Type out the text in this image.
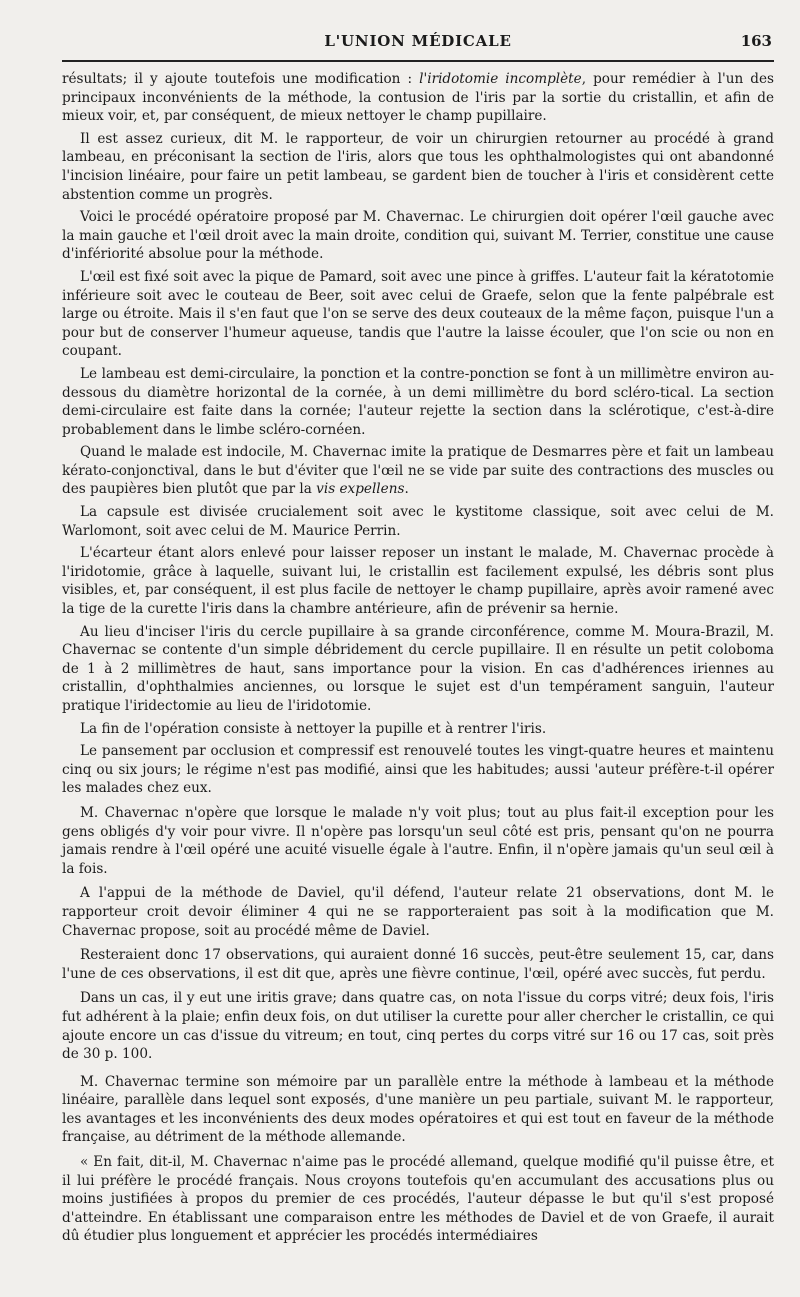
L'UNION MÉDICALE	163

résultats; il y ajoute toutefois une modification : l'iridotomie incomplète, pour remédier à l'un des principaux inconvénients de la méthode, la contusion de l'iris par la sortie du cristallin, et afin de mieux voir, et, par conséquent, de mieux nettoyer le champ pupillaire.

Il est assez curieux, dit M. le rapporteur, de voir un chirurgien retourner au procédé à grand lambeau, en préconisant la section de l'iris, alors que tous les ophthalmologistes qui ont abandonné l'incision linéaire, pour faire un petit lambeau, se gardent bien de toucher à l'iris et considèrent cette abstention comme un progrès.

Voici le procédé opératoire proposé par M. Chavernac. Le chirurgien doit opérer l'œil gauche avec la main gauche et l'œil droit avec la main droite, condition qui, suivant M. Terrier, constitue une cause d'infériorité absolue pour la méthode.

L'œil est fixé soit avec la pique de Pamard, soit avec une pince à griffes. L'auteur fait la kératotomie inférieure soit avec le couteau de Beer, soit avec celui de Graefe, selon que la fente palpébrale est large ou étroite. Mais il s'en faut que l'on se serve des deux couteaux de la même façon, puisque l'un a pour but de conserver l'humeur aqueuse, tandis que l'autre la laisse écouler, que l'on scie ou non en coupant.

Le lambeau est demi-circulaire, la ponction et la contre-ponction se font à un millimètre environ au-dessous du diamètre horizontal de la cornée, à un demi millimètre du bord scléro-tical. La section demi-circulaire est faite dans la cornée; l'auteur rejette la section dans la sclérotique, c'est-à-dire probablement dans le limbe scléro-cornéen.

Quand le malade est indocile, M. Chavernac imite la pratique de Desmarres père et fait un lambeau kérato-conjonctival, dans le but d'éviter que l'œil ne se vide par suite des contractions des muscles ou des paupières bien plutôt que par la vis expellens.

La capsule est divisée crucialement soit avec le kystitome classique, soit avec celui de M. Warlomont, soit avec celui de M. Maurice Perrin.

L'écarteur étant alors enlevé pour laisser reposer un instant le malade, M. Chavernac procède à l'iridotomie, grâce à laquelle, suivant lui, le cristallin est facilement expulsé, les débris sont plus visibles, et, par conséquent, il est plus facile de nettoyer le champ pupillaire, après avoir ramené avec la tige de la curette l'iris dans la chambre antérieure, afin de prévenir sa hernie.

Au lieu d'inciser l'iris du cercle pupillaire à sa grande circonférence, comme M. Moura-Brazil, M. Chavernac se contente d'un simple débridement du cercle pupillaire. Il en résulte un petit coloboma de 1 à 2 millimètres de haut, sans importance pour la vision. En cas d'adhérences iriennes au cristallin, d'ophthalmies anciennes, ou lorsque le sujet est d'un tempérament sanguin, l'auteur pratique l'iridectomie au lieu de l'iridotomie.

La fin de l'opération consiste à nettoyer la pupille et à rentrer l'iris.

Le pansement par occlusion et compressif est renouvelé toutes les vingt-quatre heures et maintenu cinq ou six jours; le régime n'est pas modifié, ainsi que les habitudes; aussi 'auteur préfère-t-il opérer les malades chez eux.

M. Chavernac n'opère que lorsque le malade n'y voit plus; tout au plus fait-il exception pour les gens obligés d'y voir pour vivre. Il n'opère pas lorsqu'un seul côté est pris, pensant qu'on ne pourra jamais rendre à l'œil opéré une acuité visuelle égale à l'autre. Enfin, il n'opère jamais qu'un seul œil à la fois.

A l'appui de la méthode de Daviel, qu'il défend, l'auteur relate 21 observations, dont M. le rapporteur croit devoir éliminer 4 qui ne se rapporteraient pas soit à la modification que M. Chavernac propose, soit au procédé même de Daviel.

Resteraient donc 17 observations, qui auraient donné 16 succès, peut-être seulement 15, car, dans l'une de ces observations, il est dit que, après une fièvre continue, l'œil, opéré avec succès, fut perdu.

Dans un cas, il y eut une iritis grave; dans quatre cas, on nota l'issue du corps vitré; deux fois, l'iris fut adhérent à la plaie; enfin deux fois, on dut utiliser la curette pour aller chercher le cristallin, ce qui ajoute encore un cas d'issue du vitreum; en tout, cinq pertes du corps vitré sur 16 ou 17 cas, soit près de 30 p. 100.

M. Chavernac termine son mémoire par un parallèle entre la méthode à lambeau et la méthode linéaire, parallèle dans lequel sont exposés, d'une manière un peu partiale, suivant M. le rapporteur, les avantages et les inconvénients des deux modes opératoires et qui est tout en faveur de la méthode française, au détriment de la méthode allemande.

« En fait, dit-il, M. Chavernac n'aime pas le procédé allemand, quelque modifié qu'il puisse être, et il lui préfère le procédé français. Nous croyons toutefois qu'en accumulant des accusations plus ou moins justifiées à propos du premier de ces procédés, l'auteur dépasse le but qu'il s'est proposé d'atteindre. En établissant une comparaison entre les méthodes de Daviel et de von Graefe, il aurait dû étudier plus longuement et apprécier les procédés intermédiaires
